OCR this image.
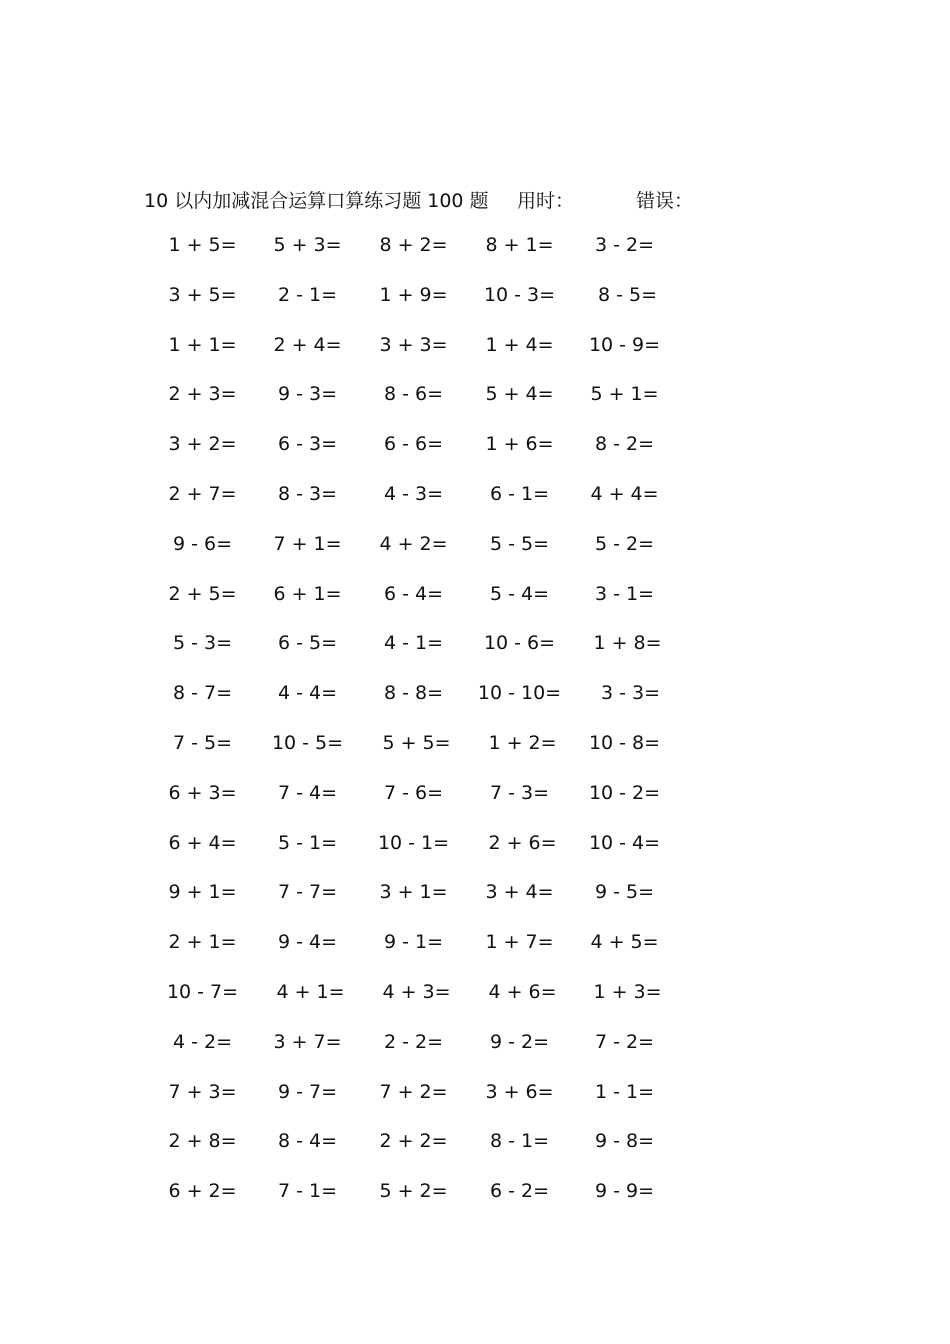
10 以内加减混合运算口算练习题 100 题 用时：	错误：
1 + 5=	5 + 3=	8 + 2=	8 + 1=	3 - 2=
3 + 5=	2 - 1=	1 + 9=	10 - 3=	8 - 5=
1 + 1=	2 + 4=	3 + 3=	1 + 4=	10 - 9=
2 + 3=	9 - 3=	8 - 6=	5 + 4=	5 + 1=
3 + 2=	6 - 3=	6 - 6=	1 + 6=	8 - 2=
2 + 7=	8 - 3=	4 - 3=	6 - 1=	4 + 4=
9 - 6=	7 + 1=	4 + 2=	5 - 5=	5 - 2=
2 + 5=	6 + 1=	6 - 4=	5 - 4=	3 - 1=
5 - 3=	6 - 5=	4 - 1=	10 - 6=	1 + 8=
8 - 7=	4 - 4=	8 - 8=	10 - 10=	3 - 3=
7 - 5=	10 - 5=	5 + 5=	1 + 2=	10 - 8=
6 + 3=	7 - 4=	7 - 6=	7 - 3=	10 - 2=
6 + 4=	5 - 1=	10 - 1=	2 + 6=	10 - 4=
9 + 1=	7 - 7=	3 + 1=	3 + 4=	9 - 5=
2 + 1=	9 - 4=	9 - 1=	1 + 7=	4 + 5=
10 - 7=	4 + 1=	4 + 3=	4 + 6=	1 + 3=
4 - 2=	3 + 7=	2 - 2=	9 - 2=	7 - 2=
7 + 3=	9 - 7=	7 + 2=	3 + 6=	1 - 1=
2 + 8=	8 - 4=	2 + 2=	8 - 1=	9 - 8=
6 + 2=	7 - 1=	5 + 2=	6 - 2=	9 - 9=
